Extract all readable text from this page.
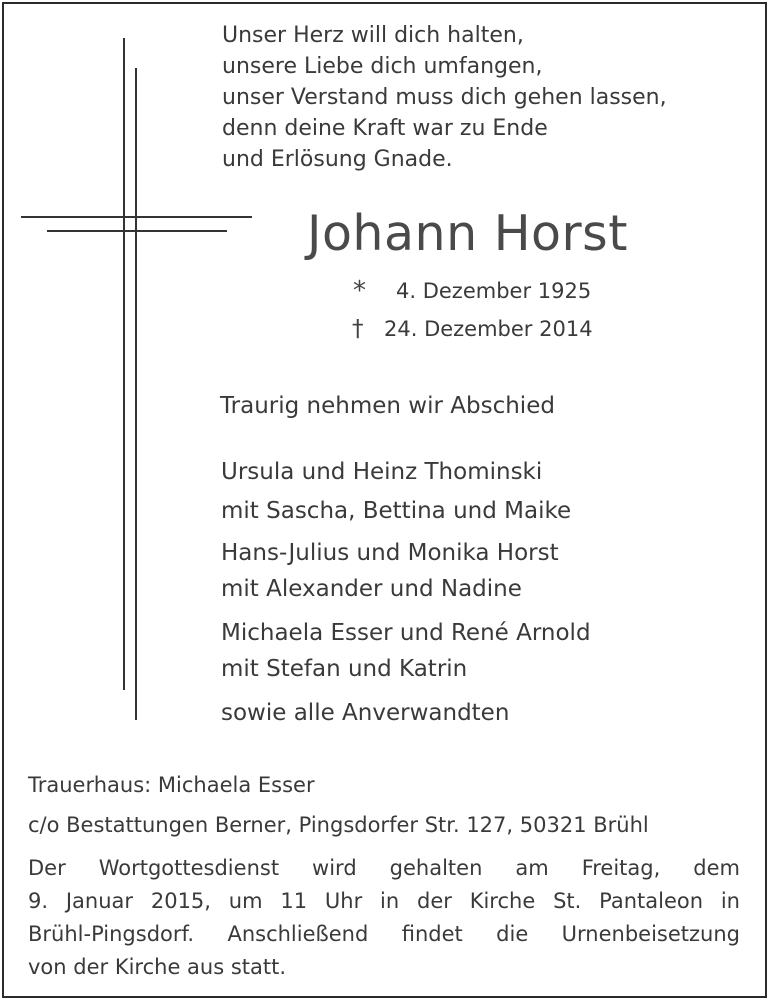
Unser Herz will dich halten,
unsere Liebe dich umfangen,
unser Verstand muss dich gehen lassen,
denn deine Kraft war zu Ende
und Erlösung Gnade.
Johann Horst
* 4. Dezember 1925
† 24. Dezember 2014
Traurig nehmen wir Abschied
Ursula und Heinz Thominski
mit Sascha, Bettina und Maike
Hans-Julius und Monika Horst
mit Alexander und Nadine
Michaela Esser und René Arnold
mit Stefan und Katrin
sowie alle Anverwandten
Trauerhaus: Michaela Esser
c/o Bestattungen Berner, Pingsdorfer Str. 127, 50321 Brühl
Der Wortgottesdienst wird gehalten am Freitag, dem
9. Januar 2015, um 11 Uhr in der Kirche St. Pantaleon in
Brühl-Pingsdorf. Anschließend findet die Urnenbeisetzung
von der Kirche aus statt.
